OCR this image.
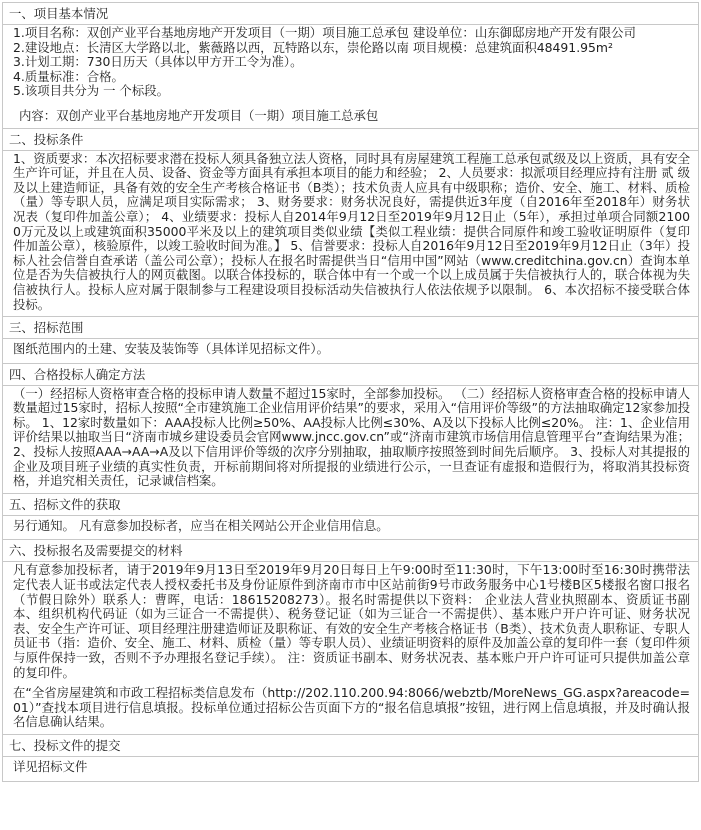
一、项目基本情况

1.项目名称：双创产业平台基地房地产开发项目（一期）项目施工总承包 建设单位：山东御邸房地产开发有限公司

2.建设地点：长清区大学路以北，紫薇路以西，瓦特路以东，崇伦路以南 项目规模：总建筑面积48491.95m²

3.计划工期：730日历天（具体以甲方开工令为准）。

4.质量标准：合格。

5.该项目共分为 一 个标段。

内容：双创产业平台基地房地产开发项目（一期）项目施工总承包

二、投标条件

1、资质要求：本次招标要求潜在投标人须具备独立法人资格，同时具有房屋建筑工程施工总承包贰级及以上资质，具有安全生产许可证，并且在人员、设备、资金等方面具有承担本项目的能力和经验； 2、人员要求：拟派项目经理应持有注册 贰 级及以上建造师证，具备有效的安全生产考核合格证书（B类）；技术负责人应具有中级职称；造价、安全、施工、材料、质检（量）等专职人员，应满足项目实际需求； 3、财务要求：财务状况良好，需提供近3年度（自2016年至2018年）财务状况表（复印件加盖公章）； 4、业绩要求：投标人自2014年9月12日至2019年9月12日止（5年），承担过单项合同额21000万元及以上或建筑面积35000平米及以上的建筑项目类似业绩【类似工程业绩：提供合同原件和竣工验收证明原件（复印件加盖公章），核验原件，以竣工验收时间为准。】 5、信誉要求：投标人自2016年9月12日至2019年9月12日止（3年）投标人社会信誉自查承诺（盖公司公章）；投标人在报名时需提供当日“信用中国”网站（www.creditchina.gov.cn）查询本单位是否为失信被执行人的网页截图。以联合体投标的，联合体中有一个或一个以上成员属于失信被执行人的，联合体视为失信被执行人。投标人应对属于限制参与工程建设项目投标活动失信被执行人依法依规予以限制。 6、本次招标不接受联合体投标。

三、招标范围

图纸范围内的土建、安装及装饰等（具体详见招标文件）。

四、合格投标人确定方法

（一）经招标人资格审查合格的投标申请人数量不超过15家时，全部参加投标。 （二）经招标人资格审查合格的投标申请人数量超过15家时，招标人按照“全市建筑施工企业信用评价结果”的要求，采用入“信用评价等级”的方法抽取确定12家参加投标。 1、12家时数量如下：AAA投标人比例≥50%、AA投标人比例≤30%、A及以下投标人比例≤20%。 注：1、企业信用评价结果以抽取当日“济南市城乡建设委员会官网www.jncc.gov.cn”或“济南市建筑市场信用信息管理平台”查询结果为准； 2、投标人按照AAA→AA→A及以下信用评价等级的次序分别抽取，抽取顺序按照签到时间先后顺序。 3、投标人对其提报的企业及项目班子业绩的真实性负责，开标前期间将对所提报的业绩进行公示，一旦查证有虚报和造假行为，将取消其投标资格，并追究相关责任，记录诚信档案。

五、招标文件的获取

另行通知。 凡有意参加投标者，应当在相关网站公开企业信用信息。

六、投标报名及需要提交的材料

凡有意参加投标者，请于2019年9月13日至2019年9月20日每日上午9:00时至11:30时，下午13:00时至16:30时携带法定代表人证书或法定代表人授权委托书及身份证原件到济南市市中区站前街9号市政务服务中心1号楼B区5楼报名窗口报名（节假日除外）联系人：曹晖，电话：18615208273）。报名时需提供以下资料： 企业法人营业执照副本、资质证书副本、组织机构代码证（如为三证合一不需提供）、税务登记证（如为三证合一不需提供）、基本账户开户许可证、财务状况表、安全生产许可证、项目经理注册建造师证及职称证、有效的安全生产考核合格证书（B类）、技术负责人职称证、专职人员证书（指：造价、安全、施工、材料、质检（量）等专职人员）、业绩证明资料的原件及加盖公章的复印件一套（复印件须与原件保持一致，否则不予办理报名登记手续）。 注：资质证书副本、财务状况表、基本账户开户许可证可只提供加盖公章的复印件。

在“全省房屋建筑和市政工程招标类信息发布（http://202.110.200.94:8066/webztb/MoreNews_GG.aspx?areacode=01）”查找本项目进行信息填报。投标单位通过招标公告页面下方的“报名信息填报”按钮，进行网上信息填报，并及时确认报名信息确认结果。

七、投标文件的提交

详见招标文件
